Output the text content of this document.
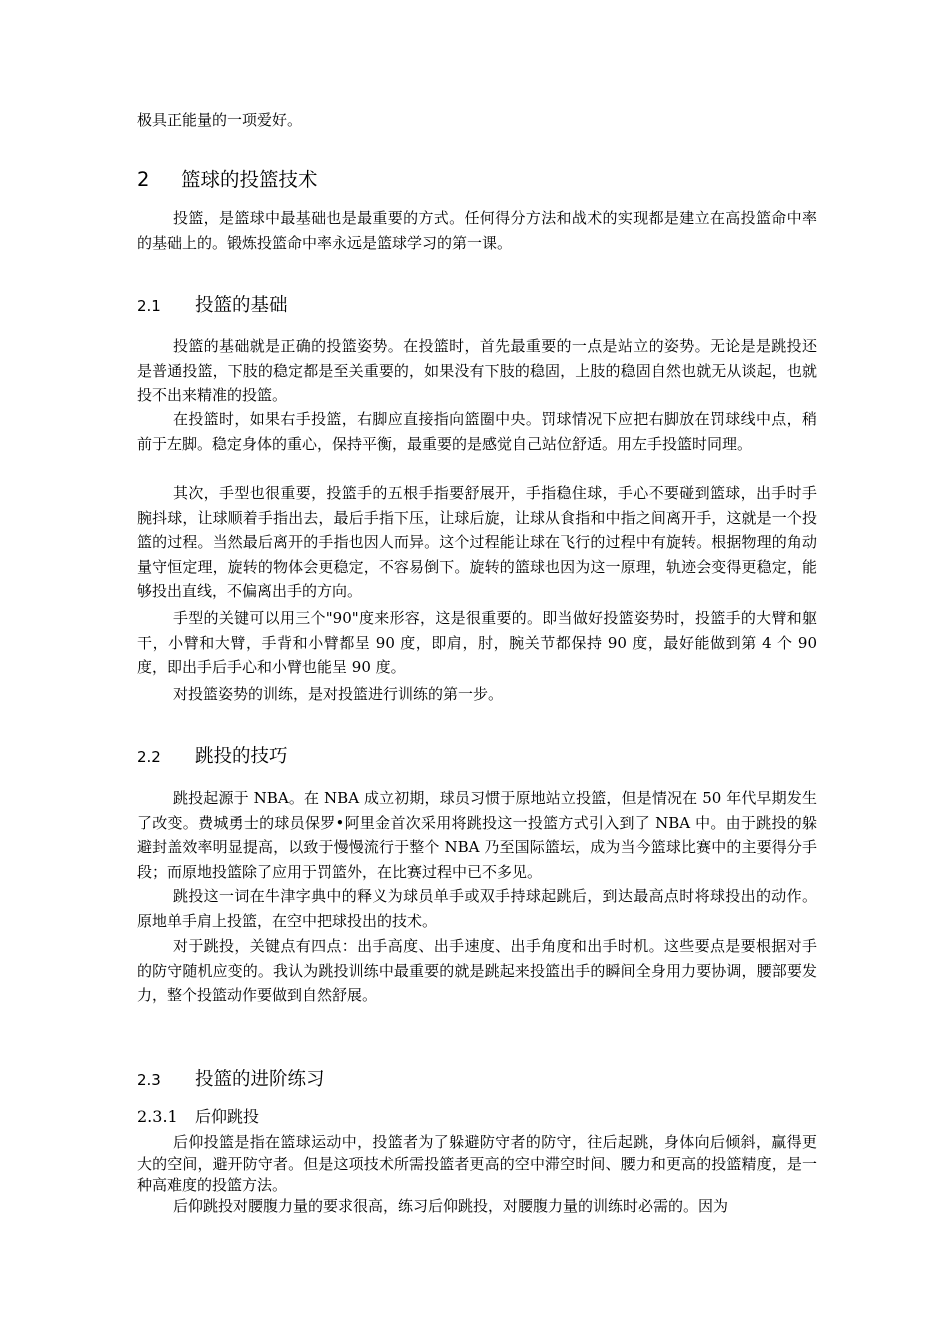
极具正能量的一项爱好。

2 篮球的投篮技术

投篮，是篮球中最基础也是最重要的方式。任何得分方法和战术的实现都是建立在高投篮命中率的基础上的。锻炼投篮命中率永远是篮球学习的第一课。

2.1 投篮的基础

投篮的基础就是正确的投篮姿势。在投篮时，首先最重要的一点是站立的姿势。无论是是跳投还是普通投篮，下肢的稳定都是至关重要的，如果没有下肢的稳固，上肢的稳固自然也就无从谈起，也就投不出来精准的投篮。

在投篮时，如果右手投篮，右脚应直接指向篮圈中央。罚球情况下应把右脚放在罚球线中点，稍前于左脚。稳定身体的重心，保持平衡，最重要的是感觉自己站位舒适。用左手投篮时同理。

其次，手型也很重要，投篮手的五根手指要舒展开，手指稳住球，手心不要碰到篮球，出手时手腕抖球，让球顺着手指出去，最后手指下压，让球后旋，让球从食指和中指之间离开手，这就是一个投篮的过程。当然最后离开的手指也因人而异。这个过程能让球在飞行的过程中有旋转。根据物理的角动量守恒定理，旋转的物体会更稳定，不容易倒下。旋转的篮球也因为这一原理，轨迹会变得更稳定，能够投出直线，不偏离出手的方向。

手型的关键可以用三个"90"度来形容，这是很重要的。即当做好投篮姿势时，投篮手的大臂和躯干，小臂和大臂，手背和小臂都呈 90 度，即肩，肘，腕关节都保持 90 度，最好能做到第 4 个 90 度，即出手后手心和小臂也能呈 90 度。

对投篮姿势的训练，是对投篮进行训练的第一步。

2.2 跳投的技巧

跳投起源于 NBA。在 NBA 成立初期，球员习惯于原地站立投篮，但是情况在 50 年代早期发生了改变。费城勇士的球员保罗•阿里金首次采用将跳投这一投篮方式引入到了 NBA 中。由于跳投的躲避封盖效率明显提高，以致于慢慢流行于整个 NBA 乃至国际篮坛，成为当今篮球比赛中的主要得分手段；而原地投篮除了应用于罚篮外，在比赛过程中已不多见。

跳投这一词在牛津字典中的释义为球员单手或双手持球起跳后，到达最高点时将球投出的动作。原地单手肩上投篮，在空中把球投出的技术。

对于跳投，关键点有四点：出手高度、出手速度、出手角度和出手时机。这些要点是要根据对手的防守随机应变的。我认为跳投训练中最重要的就是跳起来投篮出手的瞬间全身用力要协调，腰部要发力，整个投篮动作要做到自然舒展。

2.3 投篮的进阶练习
2.3.1 后仰跳投

后仰投篮是指在篮球运动中，投篮者为了躲避防守者的防守，往后起跳，身体向后倾斜，赢得更大的空间，避开防守者。但是这项技术所需投篮者更高的空中滞空时间、腰力和更高的投篮精度，是一种高难度的投篮方法。

后仰跳投对腰腹力量的要求很高，练习后仰跳投，对腰腹力量的训练时必需的。因为
